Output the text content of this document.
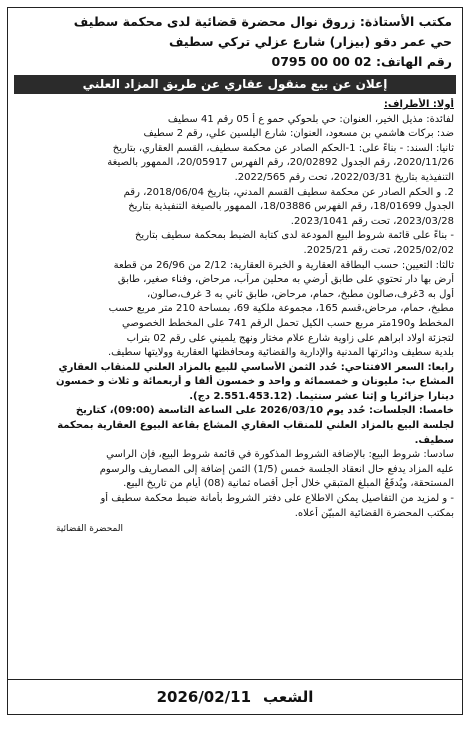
مكتب الأستاذة: زروق نوال محضرة قضائية لدى محكمة سطيف
حي عمر دقو (بيزار) شارع عزلي تركي سطيف
رقم الهاتف: 02 00 00 0795
إعلان عن بيع منقول عقاري عن طريق المزاد العلني

أولا: الأطراف:

لفائدة: مذيل الخير، العنوان: حي بلحوكي حمو ع أ 05 رقم 41 سطيف

ضد: بركات هاشمي بن مسعود، العنوان: شارع اليلسين علي، رقم 2 سطيف

ثانيا: السند: - بناءً على: 1-الحكم الصادر عن محكمة سطيف، القسم العقاري، بتاريخ

2020/11/26، رقم الجدول 20/02892، رقم الفهرس 20/05917، الممهور بالصيغة

التنفيذية بتاريخ 2022/03/31، تحت رقم 2022/565.

2. و الحكم الصادر عن محكمة سطيف القسم المدني، بتاريخ 2018/06/04، رقم

الجدول 18/01699، رقم الفهرس 18/03886، الممهور بالصيغة التنفيذية بتاريخ

2023/03/28، تحت رقم 2023/1041.

- بناءً على قائمة شروط البيع المودعة لدى كتابة الضبط بمحكمة سطيف بتاريخ

2025/02/02، تحت رقم 2025/21.

ثالثا: التعيين: حسب البطاقة العقارية و الخبرة العقارية: 2/12 من 26/96 من قطعة

أرض بها دار تحتوي على طابق أرضي به محلين مرآب، مرحاض، وفناء صغير، طابق

أول به 3غرف،صالون مطبخ، حمام، مرحاض، طابق ثاني به 3 غرف،صالون،

مطبخ، حمام، مرحاض،قسم 165، مجموعة ملكية 69، بمساحة 210 متر مربع حسب

المخطط و190متر مربع حسب الكيل تحمل الرقم 741 على المخطط الخصوصي

لتجزئة اولاد ابراهم على زاوية شارع علام مختار ونهج يلميني على رقم 02 بتراب

بلدية سطيف ودائرتها المدنية والإدارية والقضائية ومحافظتها العقارية وولايتها سطيف.

رابعا: السعر الافتتاحي: حُدد الثمن الأساسي للبيع بالمزاد العلني للمنقاب العقاري

المشاع ب: مليونان و خمسمائة و واحد و خمسون ألفا و أربعمائة و ثلاث و خمسون

دينارا جزائريا و إثنا عشر سنتيما. (2.551.453.12 دج).

خامسا: الجلسات: حُدد يوم 2026/03/10 على الساعة التاسعة (09:00)، كتاريخ

لجلسة البيع بالمزاد العلني للمنقاب العقاري المشاع بقاعة البيوع العقارية بمحكمة

سطيف.

سادسا: شروط البيع: بالإضافة الشروط المذكورة في قائمة شروط البيع، فإن الراسي

عليه المزاد يدفع حال انعقاد الجلسة خمس (1/5) الثمن إضافة إلى المصاريف والرسوم

المستحقة، ويُدفَعُ المبلغ المتبقي خلال أجل أقصاه ثمانية (08) أيام من تاريخ البيع.

- و لمزيد من التفاصيل يمكن الاطلاع على دفتر الشروط بأمانة ضبط محكمة سطيف أو

بمكتب المحضرة القضائية المبيّن أعلاه.

المحضرة القضائية
الشعب
2026/02/11
